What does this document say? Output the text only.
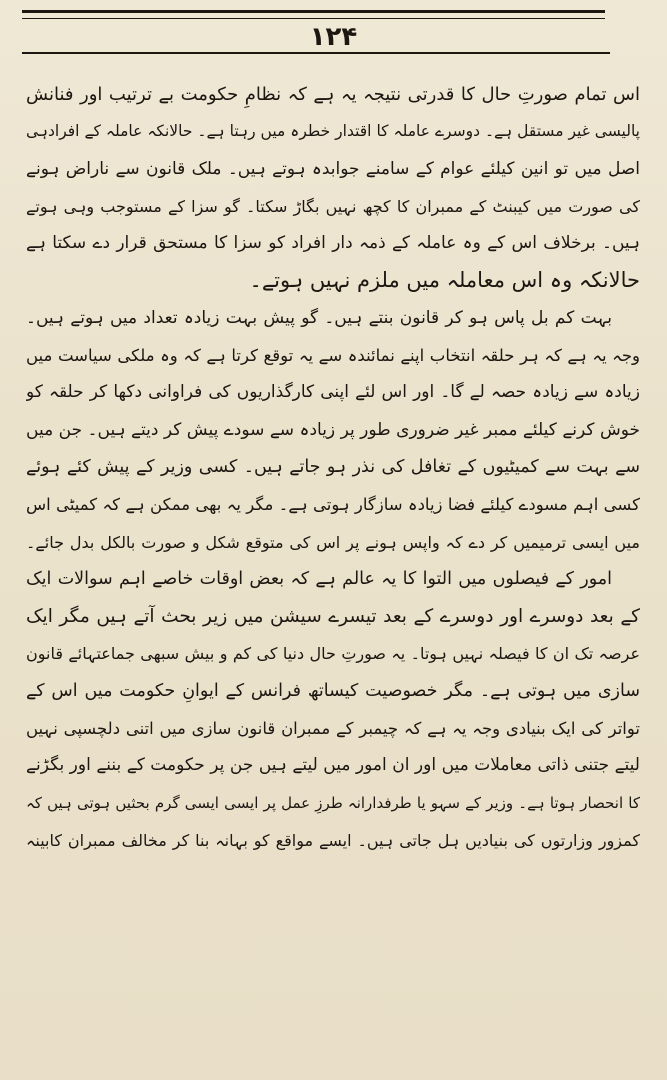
۱۲۴
اس تمام صورتِ حال کا قدرتی نتیجہ یہ ہے کہ نظامِ حکومت بے ترتیب اور فنانش
پالیسی غیر مستقل ہے۔ دوسرے عاملہ کا اقتدار خطرہ میں رہتا ہے۔ حالانکہ عاملہ کے افرادہی
اصل میں تو انین کیلئے عوام کے سامنے جوابدہ ہوتے ہیں۔ ملک قانون سے ناراض ہونے
کی صورت میں کیبنٹ کے ممبران کا کچھ نہیں بگاڑ سکتا۔ گو سزا کے مستوجب وہی ہوتے
ہیں۔ برخلاف اس کے وہ عاملہ کے ذمہ دار افراد کو سزا کا مستحق قرار دے سکتا ہے
حالانکہ وہ اس معاملہ میں ملزم نہیں ہوتے۔
بہت کم بل پاس ہو کر قانون بنتے ہیں۔ گو پیش بہت زیادہ تعداد میں ہوتے ہیں۔
وجہ یہ ہے کہ ہر حلقہ انتخاب اپنے نمائندہ سے یہ توقع کرتا ہے کہ وہ ملکی سیاست میں
زیادہ سے زیادہ حصہ لے گا۔ اور اس لئے اپنی کارگذاریوں کی فراوانی دکھا کر حلقہ کو
خوش کرنے کیلئے ممبر غیر ضروری طور پر زیادہ سے سودے پیش کر دیتے ہیں۔ جن میں
سے بہت سے کمیٹیوں کے تغافل کی نذر ہو جاتے ہیں۔ کسی وزیر کے پیش کئے ہوئے
کسی اہم مسودے کیلئے فضا زیادہ سازگار ہوتی ہے۔ مگر یہ بھی ممکن ہے کہ کمیٹی اس
میں ایسی ترمیمیں کر دے کہ واپس ہونے پر اس کی متوقع شکل و صورت بالکل بدل جائے۔
امور کے فیصلوں میں التوا کا یہ عالم ہے کہ بعض اوقات خاصے اہم سوالات ایک
کے بعد دوسرے اور دوسرے کے بعد تیسرے سیشن میں زیر بحث آتے ہیں مگر ایک
عرصہ تک ان کا فیصلہ نہیں ہوتا۔ یہ صورتِ حال دنیا کی کم و بیش سبھی جماعتہائے قانون
سازی میں ہوتی ہے۔ مگر خصوصیت کیساتھ فرانس کے ایوانِ حکومت میں اس کے
تواتر کی ایک بنیادی وجہ یہ ہے کہ چیمبر کے ممبران قانون سازی میں اتنی دلچسپی نہیں
لیتے جتنی ذاتی معاملات میں اور ان امور میں لیتے ہیں جن پر حکومت کے بننے اور بگڑنے
کا انحصار ہوتا ہے۔ وزیر کے سہو یا طرفدارانہ طرزِ عمل پر ایسی ایسی گرم بحثیں ہوتی ہیں کہ
کمزور وزارتوں کی بنیادیں ہل جاتی ہیں۔ ایسے مواقع کو بہانہ بنا کر مخالف ممبران کابینہ
